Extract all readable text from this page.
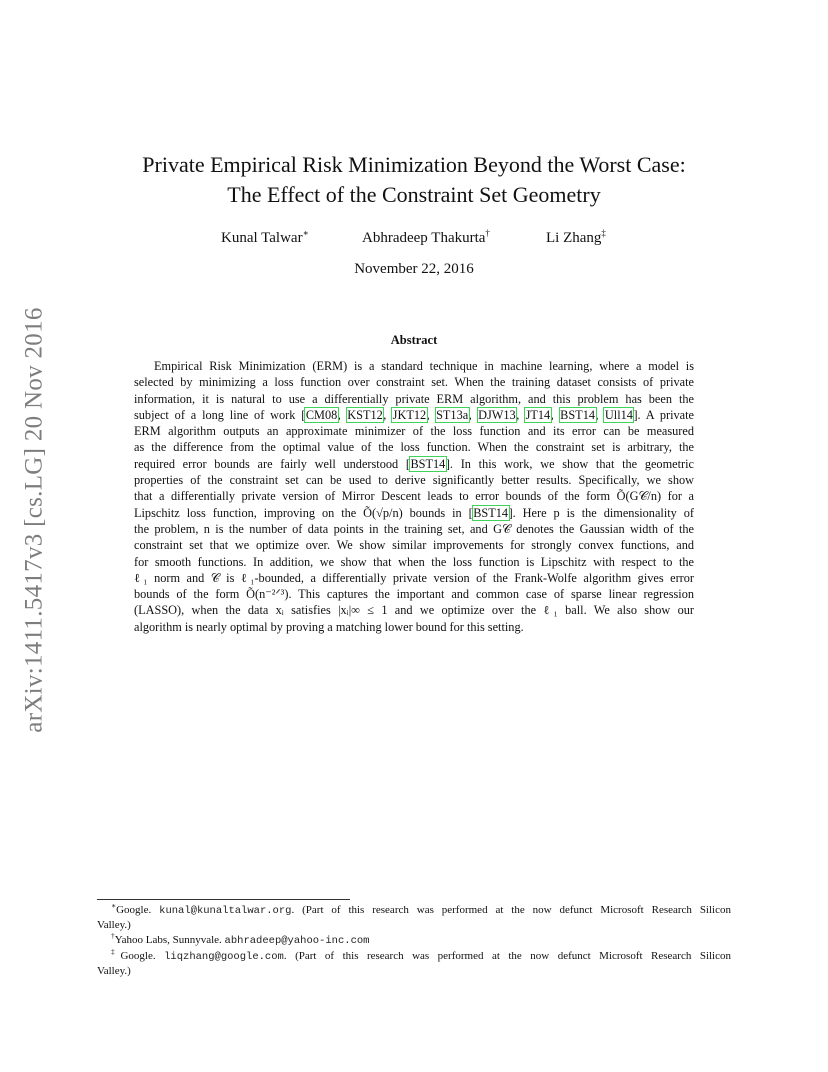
arXiv:1411.5417v3 [cs.LG] 20 Nov 2016
Private Empirical Risk Minimization Beyond the Worst Case:
The Effect of the Constraint Set Geometry
Kunal Talwar∗	Abhradeep Thakurta†	Li Zhang‡
November 22, 2016
Abstract
Empirical Risk Minimization (ERM) is a standard technique in machine learning, where a model is
selected by minimizing a loss function over constraint set. When the training dataset consists of private
information, it is natural to use a differentially private ERM algorithm, and this problem has been the
subject of a long line of work [CM08, KST12, JKT12, ST13a, DJW13, JT14, BST14, Ull14]. A private
ERM algorithm outputs an approximate minimizer of the loss function and its error can be measured
as the difference from the optimal value of the loss function. When the constraint set is arbitrary, the
required error bounds are fairly well understood [BST14]. In this work, we show that the geometric
properties of the constraint set can be used to derive significantly better results. Specifically, we show
that a differentially private version of Mirror Descent leads to error bounds of the form Õ(G𝒞/n) for a
Lipschitz loss function, improving on the Õ(√p/n) bounds in [BST14]. Here p is the dimensionality of
the problem, n is the number of data points in the training set, and G𝒞 denotes the Gaussian width of the
constraint set that we optimize over. We show similar improvements for strongly convex functions, and
for smooth functions. In addition, we show that when the loss function is Lipschitz with respect to the
ℓ₁ norm and 𝒞 is ℓ₁-bounded, a differentially private version of the Frank-Wolfe algorithm gives error
bounds of the form Õ(n⁻²ᐟ³). This captures the important and common case of sparse linear regression
(LASSO), when the data xᵢ satisfies |xᵢ|∞ ≤ 1 and we optimize over the ℓ₁ ball. We also show our
algorithm is nearly optimal by proving a matching lower bound for this setting.
∗Google. kunal@kunaltalwar.org. (Part of this research was performed at the now defunct Microsoft Research Silicon
Valley.)
†Yahoo Labs, Sunnyvale. abhradeep@yahoo-inc.com
‡Google. liqzhang@google.com. (Part of this research was performed at the now defunct Microsoft Research Silicon
Valley.)
